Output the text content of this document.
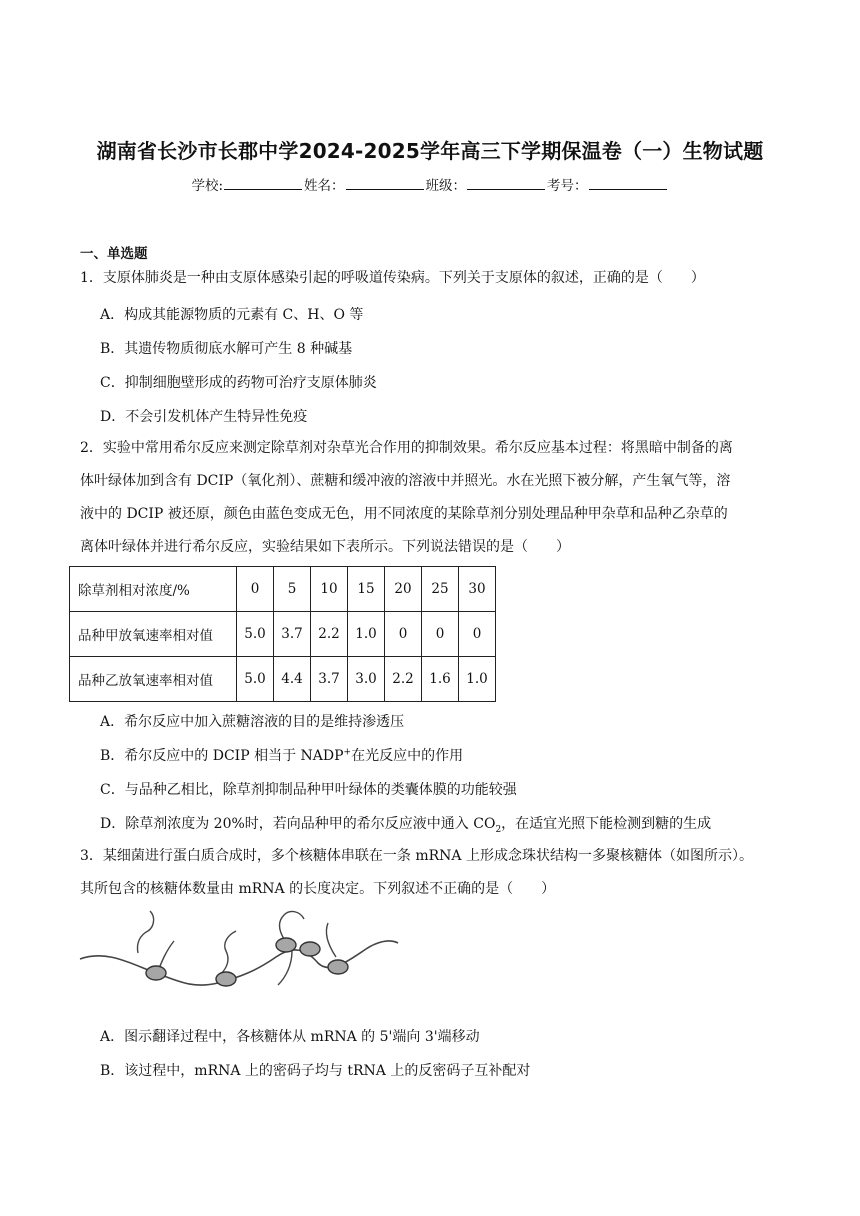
湖南省长沙市长郡中学2024-2025学年高三下学期保温卷（一）生物试题
学校:	姓名：	班级：	考号：
一、单选题

1．支原体肺炎是一种由支原体感染引起的呼吸道传染病。下列关于支原体的叙述，正确的是（　　）

A．构成其能源物质的元素有 C、H、O 等
B．其遗传物质彻底水解可产生 8 种碱基
C．抑制细胞壁形成的药物可治疗支原体肺炎
D．不会引发机体产生特异性免疫

2．实验中常用希尔反应来测定除草剂对杂草光合作用的抑制效果。希尔反应基本过程：将黑暗中制备的离

体叶绿体加到含有 DCIP（氧化剂）、蔗糖和缓冲液的溶液中并照光。水在光照下被分解，产生氧气等，溶

液中的 DCIP 被还原，颜色由蓝色变成无色，用不同浓度的某除草剂分别处理品种甲杂草和品种乙杂草的

离体叶绿体并进行希尔反应，实验结果如下表所示。下列说法错误的是（　　）

除草剂相对浓度/%	0	5	10	15	20	25	30
品种甲放氧速率相对值	5.0	3.7	2.2	1.0	0	0	0
品种乙放氧速率相对值	5.0	4.4	3.7	3.0	2.2	1.6	1.0
A．希尔反应中加入蔗糖溶液的目的是维持渗透压
B．希尔反应中的 DCIP 相当于 NADP+在光反应中的作用
C．与品种乙相比，除草剂抑制品种甲叶绿体的类囊体膜的功能较强
D．除草剂浓度为 20%时，若向品种甲的希尔反应液中通入 $CO_2$，在适宜光照下能检测到糖的生成

3．某细菌进行蛋白质合成时，多个核糖体串联在一条 mRNA 上形成念珠状结构一多聚核糖体（如图所示）。

其所包含的核糖体数量由 mRNA 的长度决定。下列叙述不正确的是（　　）

A．图示翻译过程中，各核糖体从 mRNA 的 5'端向 3'端移动
B．该过程中，mRNA 上的密码子均与 tRNA 上的反密码子互补配对
